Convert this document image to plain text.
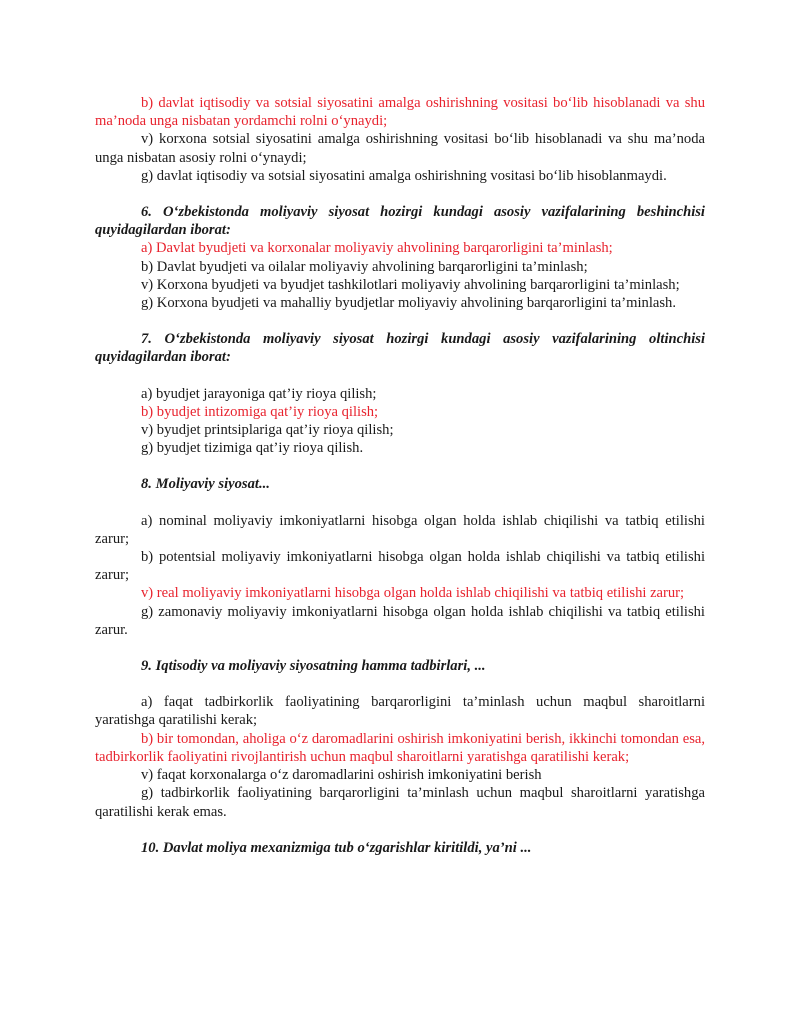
b) davlat iqtisodiy va sotsial siyosatini amalga oshirishning vositasi bo‘lib hisoblanadi va shu ma’noda unga nisbatan yordamchi rolni o‘ynaydi;

v) korxona sotsial siyosatini amalga oshirishning vositasi bo‘lib hisoblanadi va shu ma’noda unga nisbatan asosiy rolni o‘ynaydi;

g) davlat iqtisodiy va sotsial siyosatini amalga oshirishning vositasi bo‘lib hisoblanmaydi.

6. O‘zbekistonda moliyaviy siyosat hozirgi kundagi asosiy vazifalarining beshinchisi quyidagilardan iborat:

a) Davlat byudjeti va korxonalar moliyaviy ahvolining barqarorligini ta’minlash;

b) Davlat byudjeti va oilalar moliyaviy ahvolining barqarorligini ta’minlash;

v) Korxona byudjeti va byudjet tashkilotlari moliyaviy ahvolining barqarorligini ta’minlash;

g) Korxona byudjeti va mahalliy byudjetlar moliyaviy ahvolining barqarorligini ta’minlash.

7. O‘zbekistonda moliyaviy siyosat hozirgi kundagi asosiy vazifalarining oltinchisi quyidagilardan iborat:

a) byudjet jarayoniga qat’iy rioya qilish;

b) byudjet intizomiga qat’iy rioya qilish;

v) byudjet printsiplariga qat’iy rioya qilish;

g) byudjet tizimiga qat’iy rioya qilish.

8. Moliyaviy siyosat...

a) nominal moliyaviy imkoniyatlarni hisobga olgan holda ishlab chiqilishi va tatbiq etilishi zarur;

b) potentsial moliyaviy imkoniyatlarni hisobga olgan holda ishlab chiqilishi va tatbiq etilishi zarur;

v) real moliyaviy imkoniyatlarni hisobga olgan holda ishlab chiqilishi va tatbiq etilishi zarur;

g) zamonaviy moliyaviy imkoniyatlarni hisobga olgan holda ishlab chiqilishi va tatbiq etilishi zarur.

9. Iqtisodiy va moliyaviy siyosatning hamma tadbirlari, ...

a) faqat tadbirkorlik faoliyatining barqarorligini ta’minlash uchun maqbul sharoitlarni yaratishga qaratilishi kerak;

b) bir tomondan, aholiga o‘z daromadlarini oshirish imkoniyatini berish, ikkinchi tomondan esa, tadbirkorlik faoliyatini rivojlantirish uchun maqbul sharoitlarni yaratishga qaratilishi kerak;

v) faqat korxonalarga o‘z daromadlarini oshirish imkoniyatini berish

g) tadbirkorlik faoliyatining barqarorligini ta’minlash uchun maqbul sharoitlarni yaratishga qaratilishi kerak emas.

10. Davlat moliya mexanizmiga tub o‘zgarishlar kiritildi, ya’ni ...
